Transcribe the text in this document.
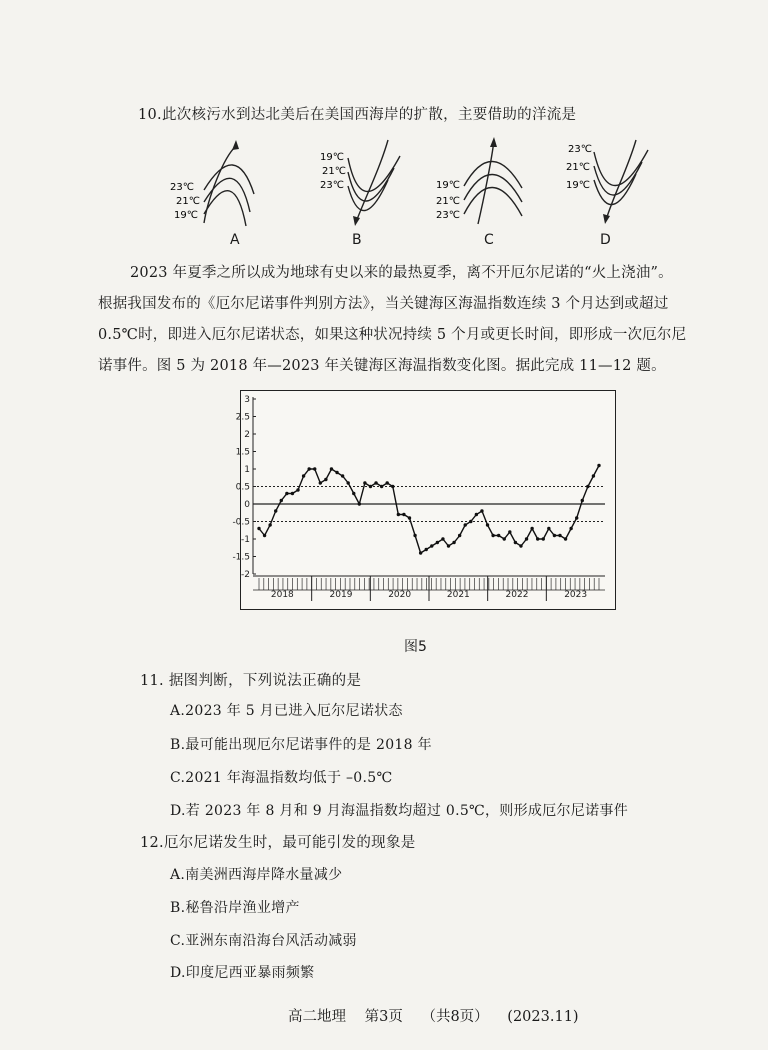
10.此次核污水到达北美后在美国西海岸的扩散，主要借助的洋流是
23℃
21℃
19℃
A
19℃
21℃
23℃
B
19℃
21℃
23℃
C
23℃
21℃
19℃
D

2023 年夏季之所以成为地球有史以来的最热夏季，离不开厄尔尼诺的“火上浇油”。

根据我国发布的《厄尔尼诺事件判别方法》，当关键海区海温指数连续 3 个月达到或超过
0.5℃时，即进入厄尔尼诺状态，如果这种状况持续 5 个月或更长时间，即形成一次厄尔尼
诺事件。图 5 为 2018 年—2023 年关键海区海温指数变化图。据此完成 11—12 题。
3
2.5
2
1.5
1
0.5
0
-0.5
-1
-1.5
-2
2018	2019	2020	2021	2022	2023
图5
11. 据图判断，下列说法正确的是
A.2023 年 5 月已进入厄尔尼诺状态
B.最可能出现厄尔尼诺事件的是 2018 年
C.2021 年海温指数均低于 –0.5℃
D.若 2023 年 8 月和 9 月海温指数均超过 0.5℃，则形成厄尔尼诺事件
12.厄尔尼诺发生时，最可能引发的现象是
A.南美洲西海岸降水量减少
B.秘鲁沿岸渔业增产
C.亚洲东南沿海台风活动减弱
D.印度尼西亚暴雨频繁
高二地理 第3页 （共8页） (2023.11)
